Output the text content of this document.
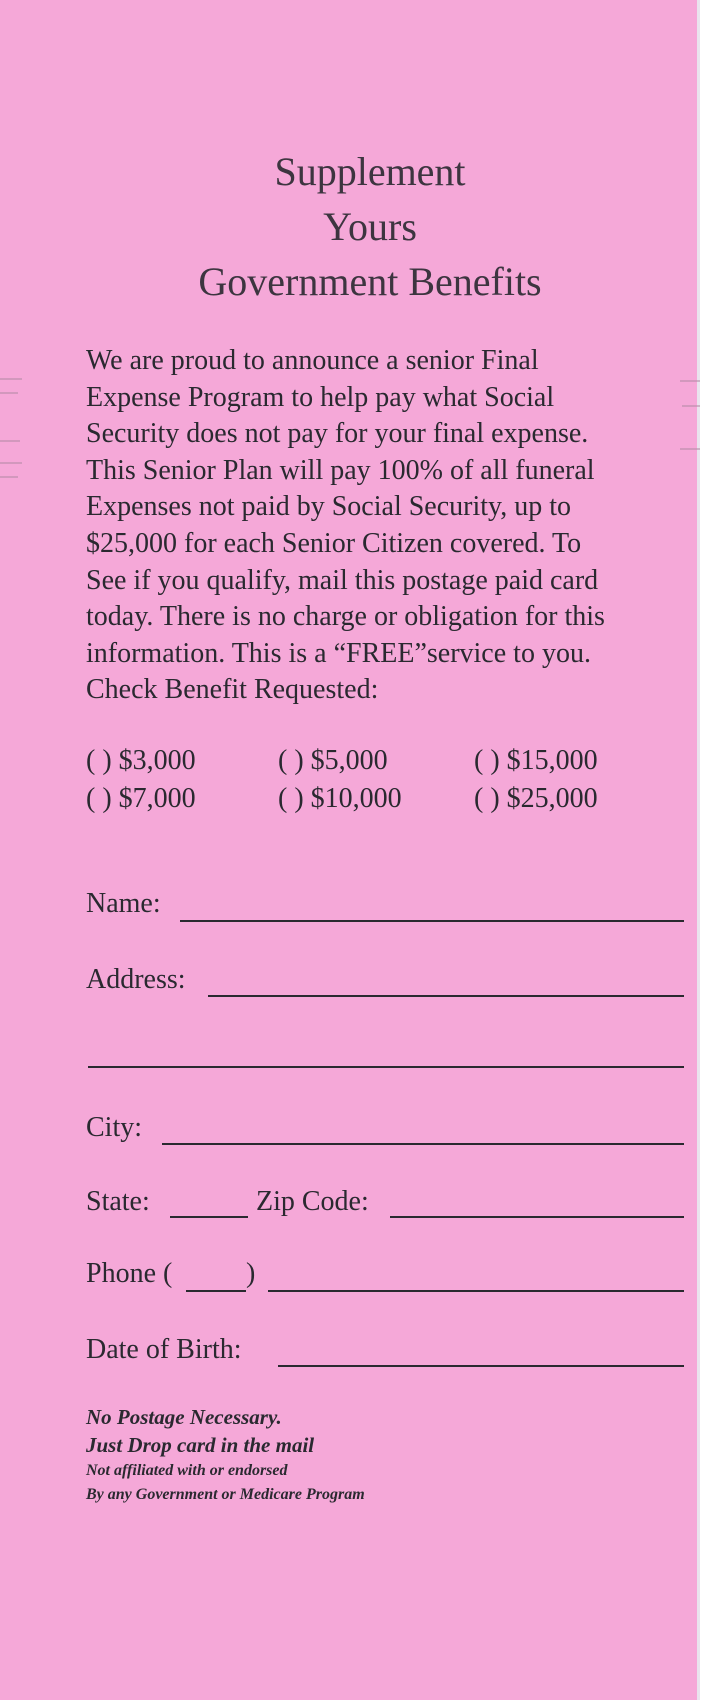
Supplement
Yours
Government Benefits

We are proud to announce a senior Final
Expense Program to help pay what Social
Security does not pay for your final expense.
This Senior Plan will pay 100% of all funeral
Expenses not paid by Social Security, up to
$25,000 for each Senior Citizen covered. To
See if you qualify, mail this postage paid card
today. There is no charge or obligation for this
information. This is a “FREE”service to you.
Check Benefit Requested:

( ) $3,000	( ) $5,000	( ) $15,000
( ) $7,000	( ) $10,000	( ) $25,000
Name:
Address:
City:
State:	Zip Code:
Phone (	)
Date of Birth:
No Postage Necessary.
Just Drop card in the mail
Not affiliated with or endorsed
By any Government or Medicare Program
